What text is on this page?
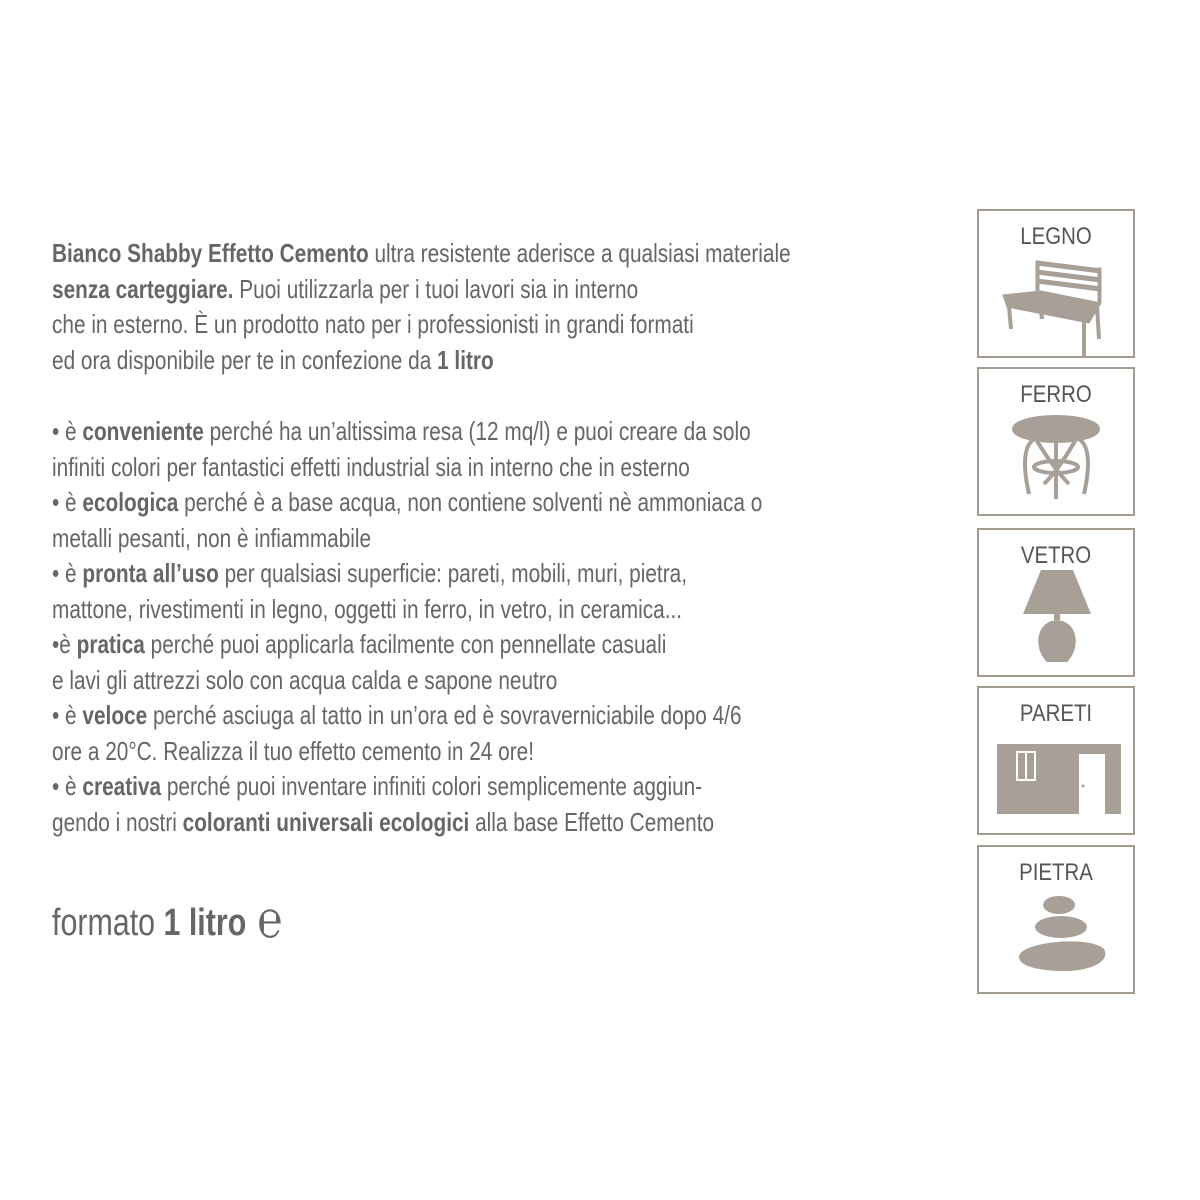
Bianco Shabby Effetto Cemento ultra resistente aderisce a qualsiasi materiale
senza carteggiare. Puoi utilizzarla per i tuoi lavori sia in interno
che in esterno. È un prodotto nato per i professionisti in grandi formati
ed ora disponibile per te in confezione da 1 litro
• è conveniente perché ha un’altissima resa (12 mq/l) e puoi creare da solo
infiniti colori per fantastici effetti industrial sia in interno che in esterno
• è ecologica perché è a base acqua, non contiene solventi nè ammoniaca o
metalli pesanti, non è infiammabile
• è pronta all’uso per qualsiasi superficie: pareti, mobili, muri, pietra,
mattone, rivestimenti in legno, oggetti in ferro, in vetro, in ceramica...
•è pratica perché puoi applicarla facilmente con pennellate casuali
e lavi gli attrezzi solo con acqua calda e sapone neutro
• è veloce perché asciuga al tatto in un’ora ed è sovraverniciabile dopo 4/6
ore a 20°C. Realizza il tuo effetto cemento in 24 ore!
• è creativa perché puoi inventare infiniti colori semplicemente aggiun-
gendo i nostri coloranti universali ecologici alla base Effetto Cemento
formato 1 litro ℮
LEGNO
FERRO
VETRO
PARETI
PIETRA
